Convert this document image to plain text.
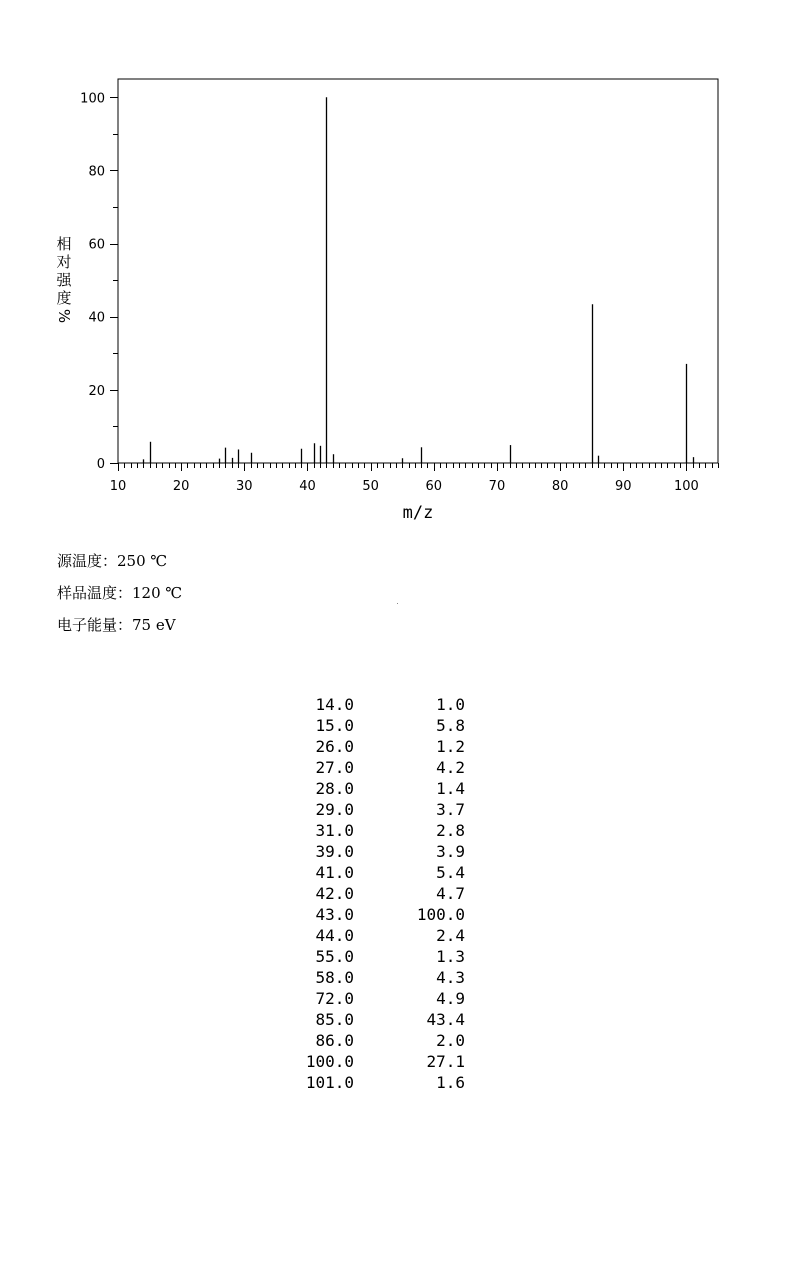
10	20	30	40	50	60	70	80	90	100
0
20
40
60
80
100
m/z
相
对
强
度
%
源温度：250 ℃
样品温度：120 ℃
电子能量：75 eV
14.0	1.0
15.0	5.8
26.0	1.2
27.0	4.2
28.0	1.4
29.0	3.7
31.0	2.8
39.0	3.9
41.0	5.4
42.0	4.7
43.0	100.0
44.0	2.4
55.0	1.3
58.0	4.3
72.0	4.9
85.0	43.4
86.0	2.0
100.0	27.1
101.0	1.6
